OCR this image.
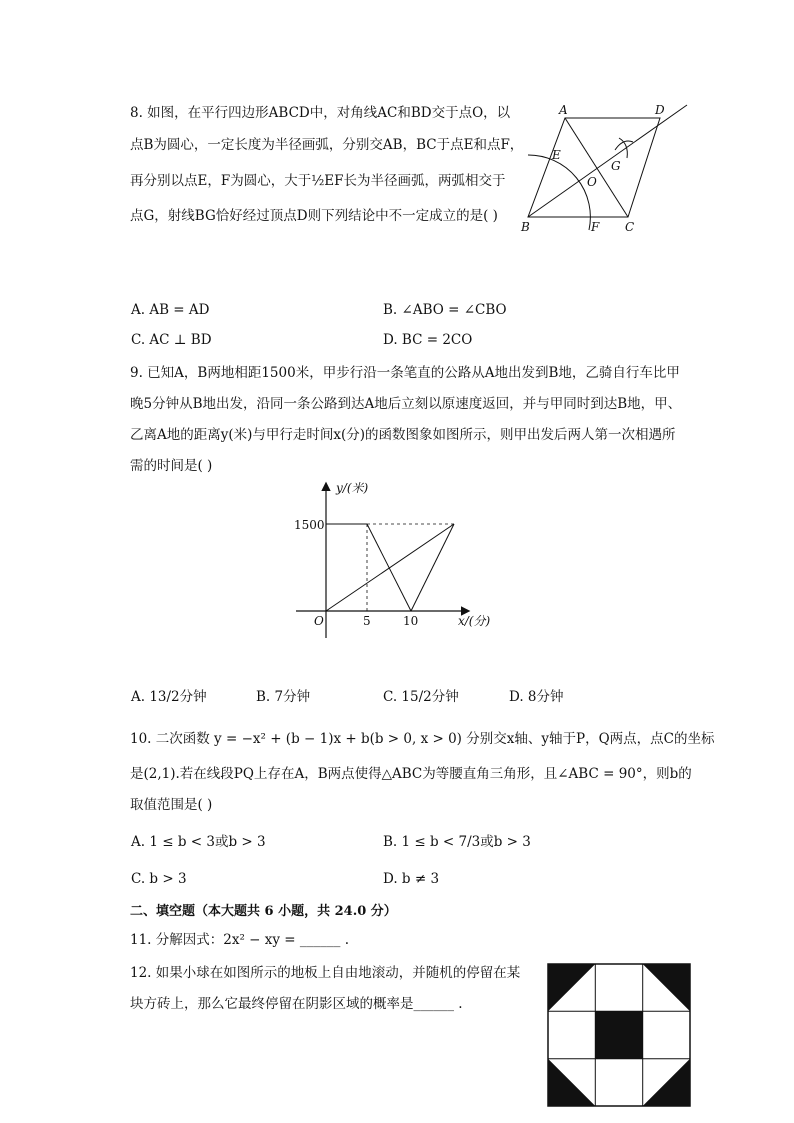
8. 如图，在平行四边形ABCD中，对角线AC和BD交于点O，以
点B为圆心，一定长度为半径画弧，分别交AB，BC于点E和点F，
再分别以点E，F为圆心，大于½EF长为半径画弧，两弧相交于
点G，射线BG恰好经过顶点D则下列结论中不一定成立的是( )
A	D
B	C
E
F
G
O
A. AB = AD	B. ∠ABO = ∠CBO
C. AC ⊥ BD	D. BC = 2CO
9. 已知A，B两地相距1500米，甲步行沿一条笔直的公路从A地出发到B地，乙骑自行车比甲
晚5分钟从B地出发，沿同一条公路到达A地后立刻以原速度返回，并与甲同时到达B地，甲、
乙离A地的距离y(米)与甲行走时间x(分)的函数图象如图所示，则甲出发后两人第一次相遇所
需的时间是( )
y/(米)
x/(分)
O
1500
5	10
A. 13/2分钟	B. 7分钟	C. 15/2分钟	D. 8分钟
10. 二次函数 y = −x² + (b − 1)x + b(b > 0, x > 0) 分别交x轴、y轴于P，Q两点，点C的坐标
是(2,1).若在线段PQ上存在A，B两点使得△ABC为等腰直角三角形，且∠ABC = 90°，则b的
取值范围是( )
A. 1 ≤ b < 3或b > 3	B. 1 ≤ b < 7/3或b > 3
C. b > 3	D. b ≠ 3
二、填空题（本大题共 6 小题，共 24.0 分）
11. 分解因式：2x² − xy = ______ .
12. 如果小球在如图所示的地板上自由地滚动，并随机的停留在某
块方砖上，那么它最终停留在阴影区域的概率是______ .
